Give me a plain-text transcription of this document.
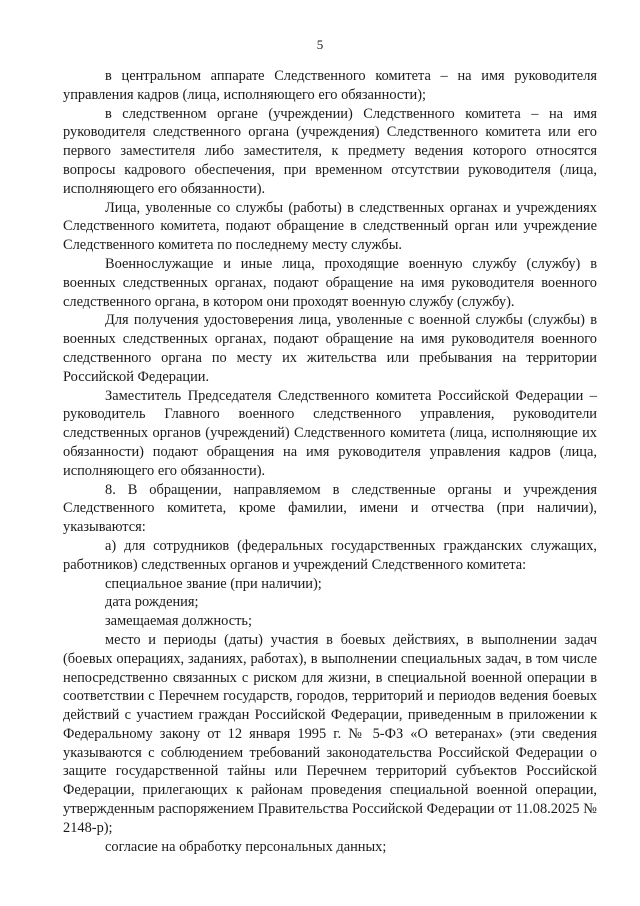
5

в центральном аппарате Следственного комитета – на имя руководителя управления кадров (лица, исполняющего его обязанности);

в следственном органе (учреждении) Следственного комитета – на имя руководителя следственного органа (учреждения) Следственного комитета или его первого заместителя либо заместителя, к предмету ведения которого относятся вопросы кадрового обеспечения, при временном отсутствии руководителя (лица, исполняющего его обязанности).

Лица, уволенные со службы (работы) в следственных органах и учреждениях Следственного комитета, подают обращение в следственный орган или учреждение Следственного комитета по последнему месту службы.

Военнослужащие и иные лица, проходящие военную службу (службу) в военных следственных органах, подают обращение на имя руководителя военного следственного органа, в котором они проходят военную службу (службу).

Для получения удостоверения лица, уволенные с военной службы (службы) в военных следственных органах, подают обращение на имя руководителя военного следственного органа по месту их жительства или пребывания на территории Российской Федерации.

Заместитель Председателя Следственного комитета Российской Федерации – руководитель Главного военного следственного управления, руководители следственных органов (учреждений) Следственного комитета (лица, исполняющие их обязанности) подают обращения на имя руководителя управления кадров (лица, исполняющего его обязанности).

8. В обращении, направляемом в следственные органы и учреждения Следственного комитета, кроме фамилии, имени и отчества (при наличии), указываются:

а) для сотрудников (федеральных государственных гражданских служащих, работников) следственных органов и учреждений Следственного комитета:

специальное звание (при наличии);

дата рождения;

замещаемая должность;

место и периоды (даты) участия в боевых действиях, в выполнении задач (боевых операциях, заданиях, работах), в выполнении специальных задач, в том числе непосредственно связанных с риском для жизни, в специальной военной операции в соответствии с Перечнем государств, городов, территорий и периодов ведения боевых действий с участием граждан Российской Федерации, приведенным в приложении к Федеральному закону от 12 января 1995 г. № 5-ФЗ «О ветеранах» (эти сведения указываются с соблюдением требований законодательства Российской Федерации о защите государственной тайны или Перечнем территорий субъектов Российской Федерации, прилегающих к районам проведения специальной военной операции, утвержденным распоряжением Правительства Российской Федерации от 11.08.2025 № 2148-р);

согласие на обработку персональных данных;
